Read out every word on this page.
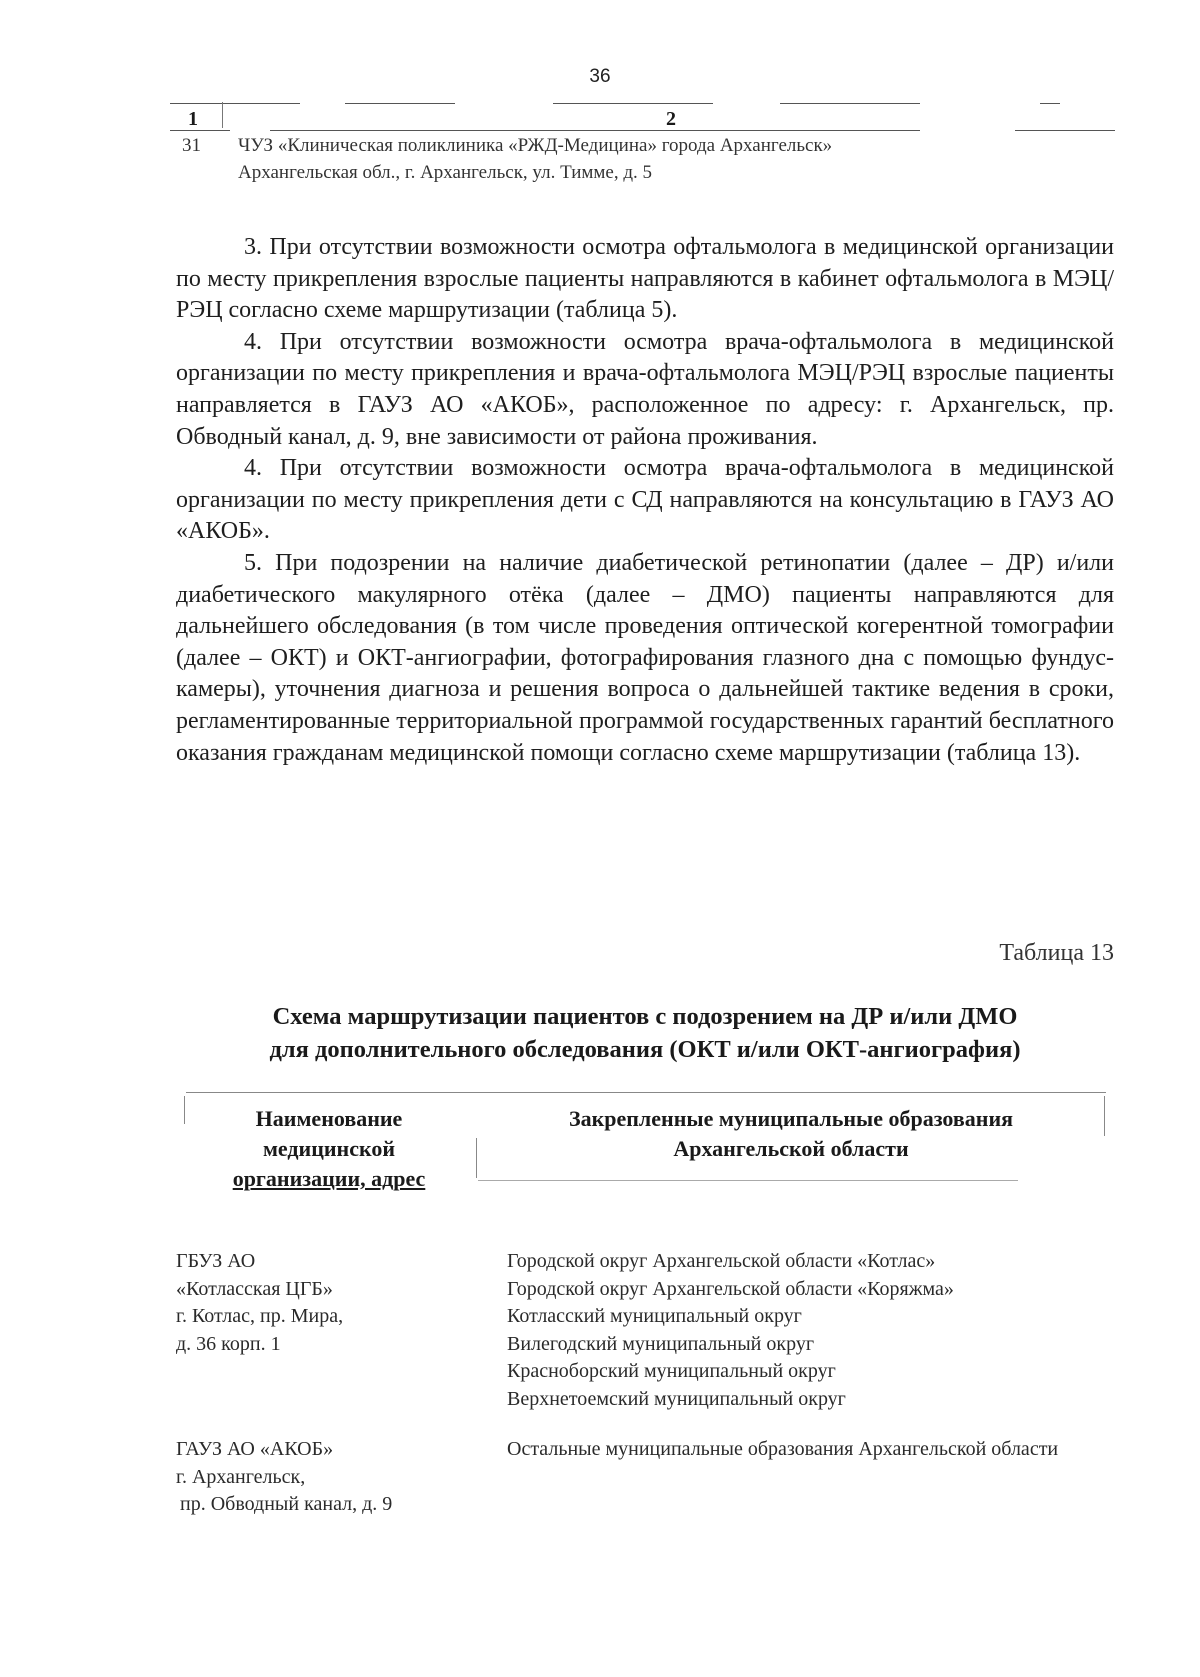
36
1	2
31 ЧУЗ «Клиническая поликлиника «РЖД-Медицина» города Архангельск»
Архангельская обл., г. Архангельск, ул. Тимме, д. 5

3. При отсутствии возможности осмотра офтальмолога в медицинской организации по месту прикрепления взрослые пациенты направляются в кабинет офтальмолога в МЭЦ/РЭЦ согласно схеме маршрутизации (таблица 5).

4. При отсутствии возможности осмотра врача-офтальмолога в медицинской организации по месту прикрепления и врача-офтальмолога МЭЦ/РЭЦ взрослые пациенты направляется в ГАУЗ АО «АКОБ», расположенное по адресу: г. Архангельск, пр. Обводный канал, д. 9, вне зависимости от района проживания.

4. При отсутствии возможности осмотра врача-офтальмолога в медицинской организации по месту прикрепления дети с СД направляются на консультацию в ГАУЗ АО «АКОБ».

5. При подозрении на наличие диабетической ретинопатии (далее – ДР) и/или диабетического макулярного отёка (далее – ДМО) пациенты направляются для дальнейшего обследования (в том числе проведения оптической когерентной томографии (далее – ОКТ) и ОКТ-ангиографии, фотографирования глазного дна с помощью фундус-камеры), уточнения диагноза и решения вопроса о дальнейшей тактике ведения в сроки, регламентированные территориальной программой государственных гарантий бесплатного оказания гражданам медицинской помощи согласно схеме маршрутизации (таблица 13).

Таблица 13
Схема маршрутизации пациентов с подозрением на ДР и/или ДМО
для дополнительного обследования (ОКТ и/или ОКТ-ангиография)
Наименование
медицинской
организации, адрес
Закрепленные муниципальные образования
Архангельской области
ГБУЗ АО
«Котласская ЦГБ»
г. Котлас, пр. Мира,
д. 36 корп. 1
Городской округ Архангельской области «Котлас»
Городской округ Архангельской области «Коряжма»
Котласский муниципальный округ
Вилегодский муниципальный округ
Красноборский муниципальный округ
Верхнетоемский муниципальный округ
ГАУЗ АО «АКОБ»
г. Архангельск,
пр. Обводный канал, д. 9
Остальные муниципальные образования Архангельской области
